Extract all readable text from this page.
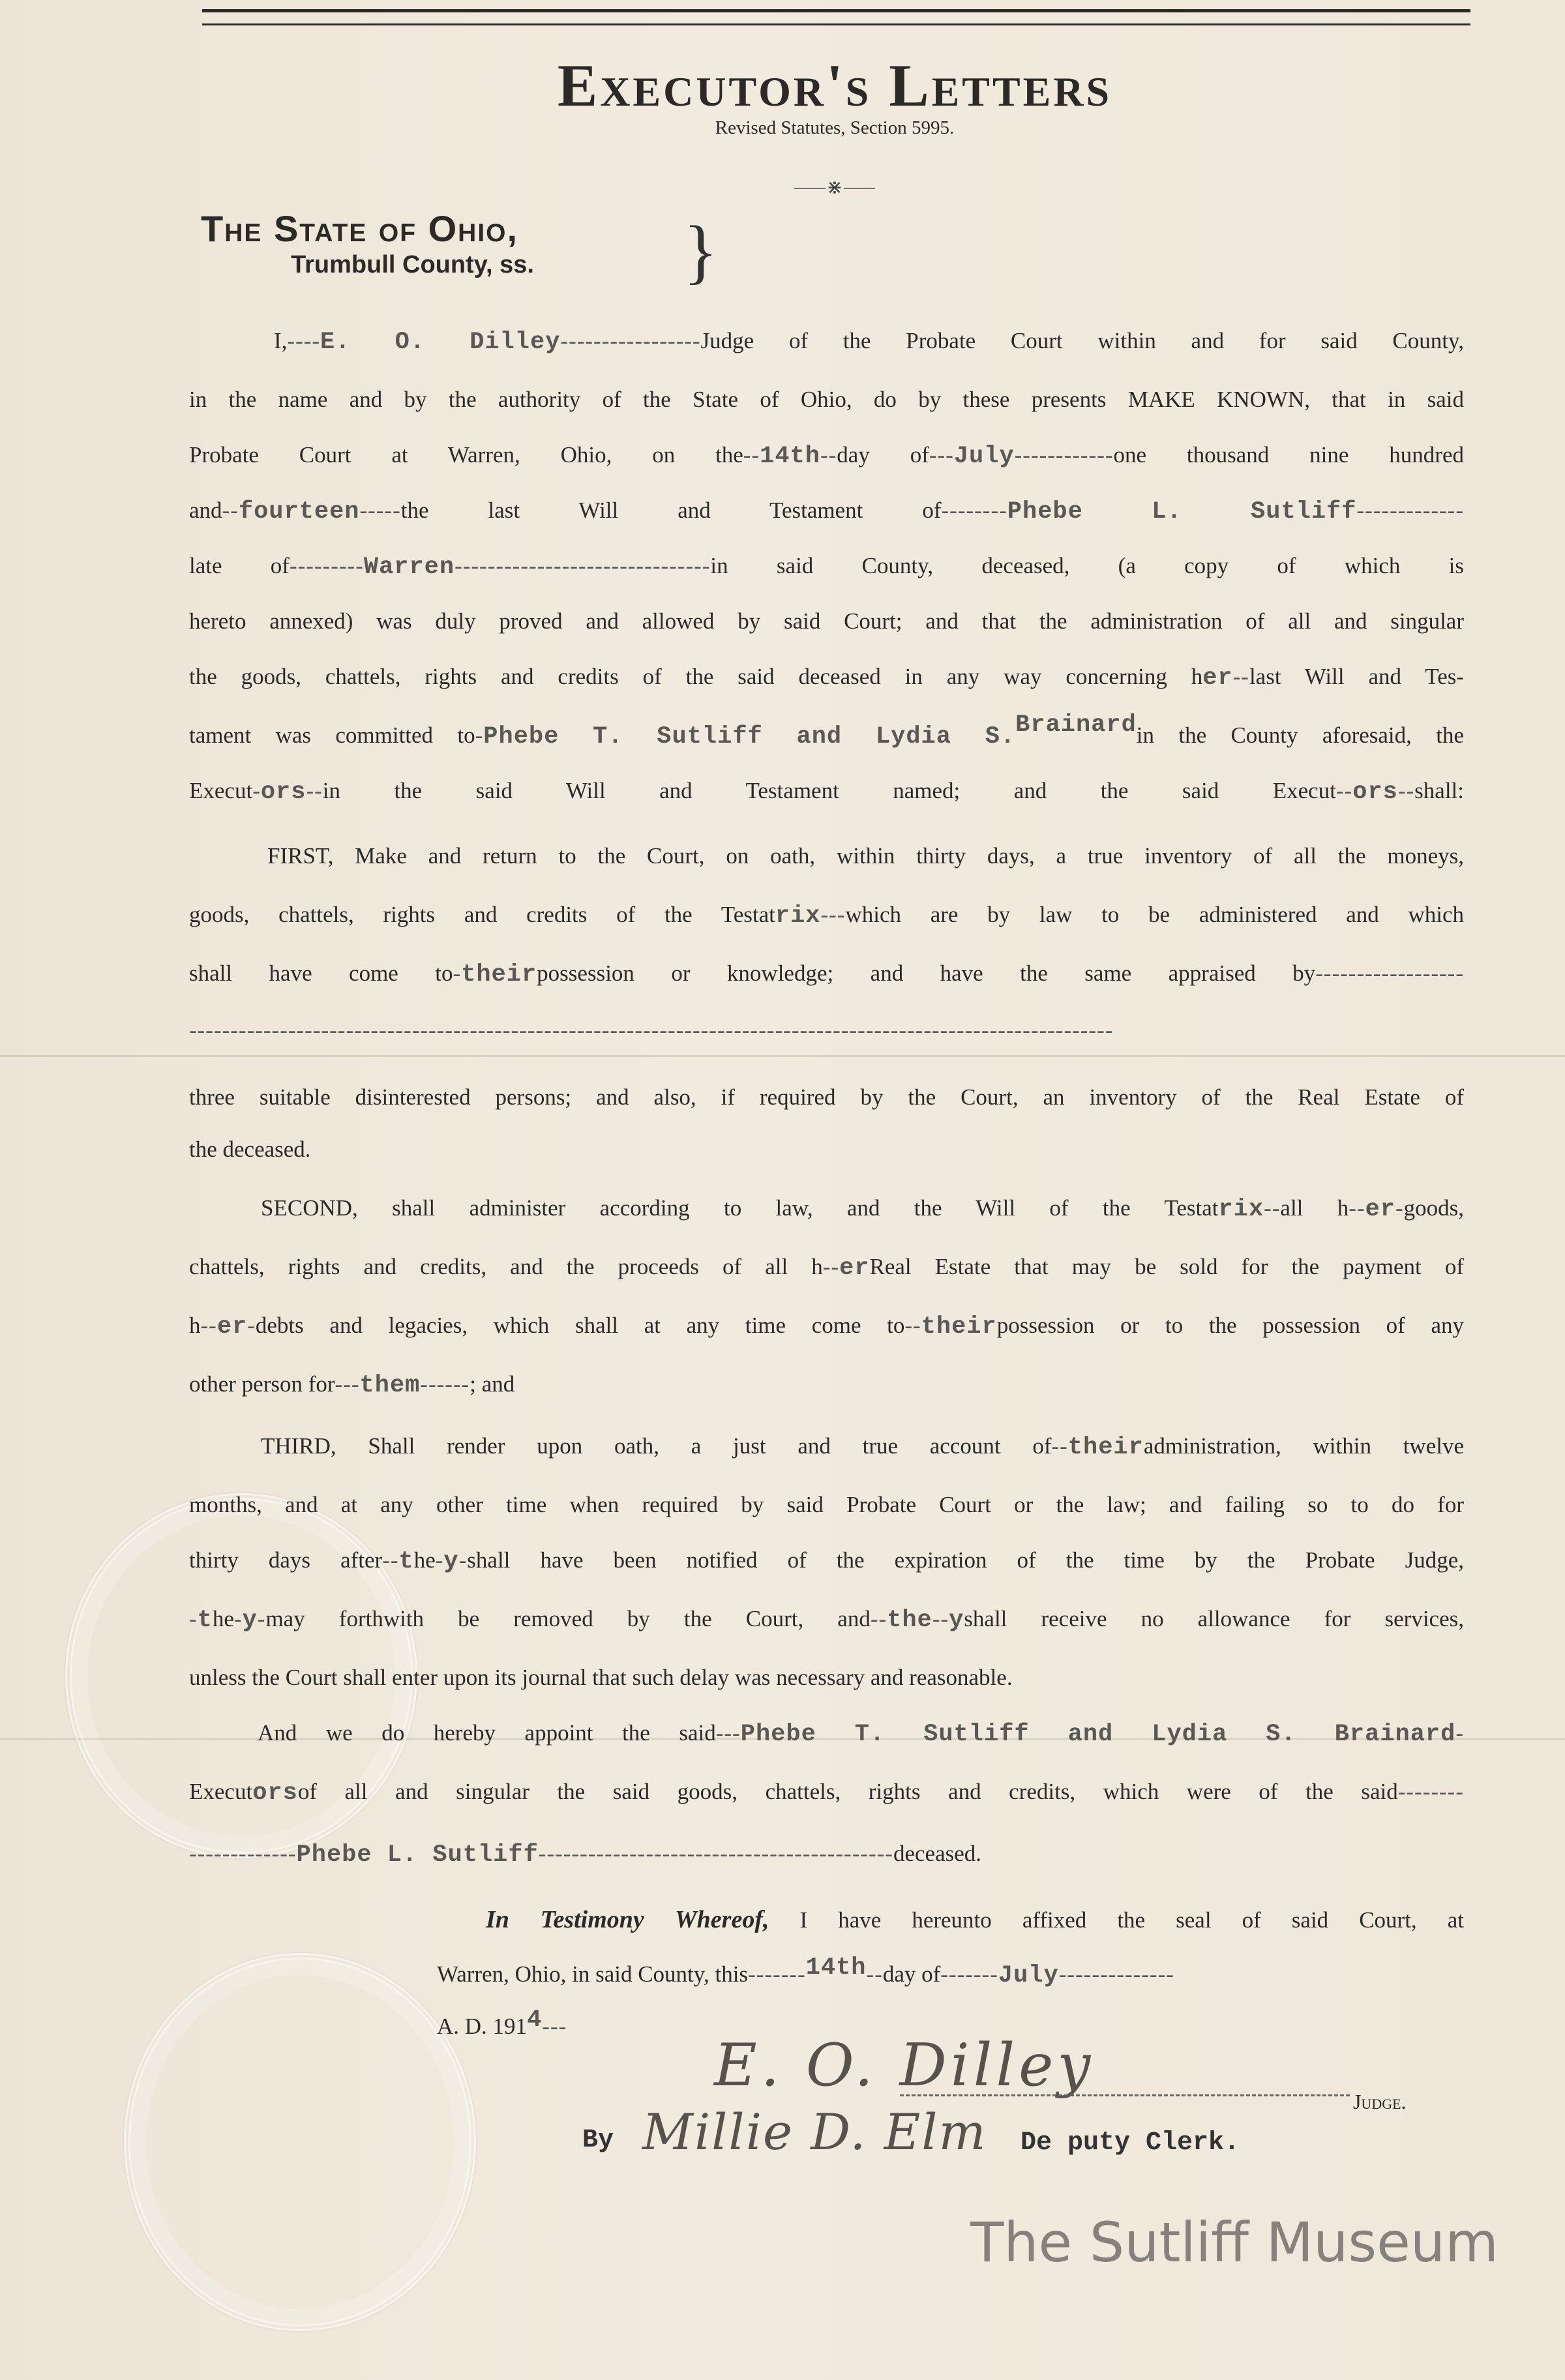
Executor's Letters
Revised Statutes, Section 5995.
⸺⋇⸺
The State of Ohio,
Trumbull County, ss. }
I,----E. O. Dilley-----------------Judge of the Probate Court within and for said County,
in the name and by the authority of the State of Ohio, do by these presents MAKE KNOWN, that in said
Probate Court at Warren, Ohio, on the--14th--day of---July------------one thousand nine hundred
and--fourteen-----the last Will and Testament of--------Phebe L. Sutliff-------------
late of---------Warren-------------------------------in said County, deceased, (a copy of which is
hereto annexed) was duly proved and allowed by said Court; and that the administration of all and singular
the goods, chattels, rights and credits of the said deceased in any way concerning her--last Will and Tes-
tament was committed to-Phebe T. Sutliff and Lydia S.Brainardin the County aforesaid, the
Execut-ors--in the said Will and Testament named; and the said Execut--ors--shall:
FIRST, Make and return to the Court, on oath, within thirty days, a true inventory of all the moneys,
goods, chattels, rights and credits of the Testatrix---which are by law to be administered and which
shall have come to-theirpossession or knowledge; and have the same appraised by------------------
----------------------------------------------------------------------------------------------------------------
three suitable disinterested persons; and also, if required by the Court, an inventory of the Real Estate of
the deceased.
SECOND, shall administer according to law, and the Will of the Testatrix--all h--er-goods,
chattels, rights and credits, and the proceeds of all h--erReal Estate that may be sold for the payment of
h--er-debts and legacies, which shall at any time come to--theirpossession or to the possession of any
other person for---them------; and
THIRD, Shall render upon oath, a just and true account of--theiradministration, within twelve
months, and at any other time when required by said Probate Court or the law; and failing so to do for
thirty days after--the-y-shall have been notified of the expiration of the time by the Probate Judge,
-the-y-may forthwith be removed by the Court, and--the--yshall receive no allowance for services,
unless the Court shall enter upon its journal that such delay was necessary and reasonable.
And we do hereby appoint the said---Phebe T. Sutliff and Lydia S. Brainard-
Executorsof all and singular the said goods, chattels, rights and credits, which were of the said--------
-------------Phebe L. Sutliff-------------------------------------------deceased.
In Testimony Whereof, I have hereunto affixed the seal of said Court, at
Warren, Ohio, in said County, this-------14th--day of-------July--------------
A. D. 1914---
E. O. Dilley
Judge.
By Millie D. Elm De puty Clerk.
The Sutliff Museum
